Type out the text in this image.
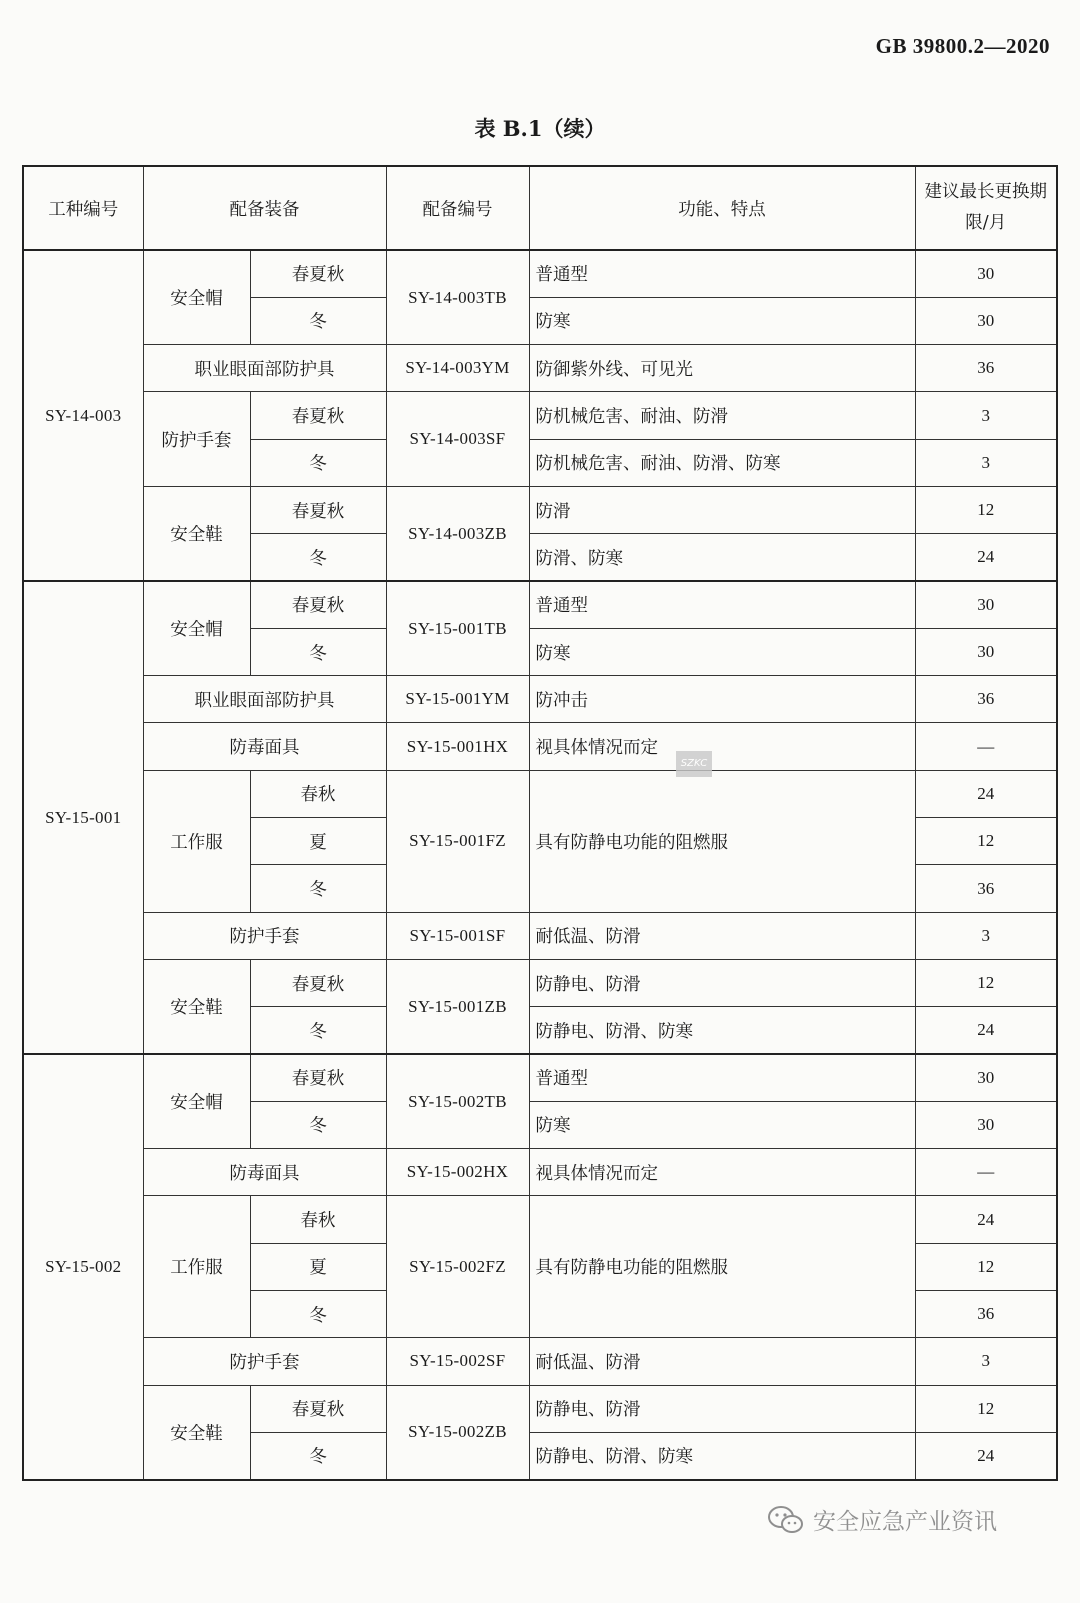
GB 39800.2—2020
表 B.1（续）
工种编号	配备装备		配备编号	功能、特点	建议最长更换期限/月
SY-14-003	安全帽	春夏秋	SY-14-003TB	普通型	30
		冬		防寒	30
	职业眼面部防护具		SY-14-003YM	防御紫外线、可见光	36
	防护手套	春夏秋	SY-14-003SF	防机械危害、耐油、防滑	3
		冬		防机械危害、耐油、防滑、防寒	3
	安全鞋	春夏秋	SY-14-003ZB	防滑	12
		冬		防滑、防寒	24
SY-15-001	安全帽	春夏秋	SY-15-001TB	普通型	30
		冬		防寒	30
	职业眼面部防护具		SY-15-001YM	防冲击	36
	防毒面具		SY-15-001HX	视具体情况而定	—
	工作服	春秋	SY-15-001FZ	具有防静电功能的阻燃服	24
		夏			12
		冬			36
	防护手套		SY-15-001SF	耐低温、防滑	3
	安全鞋	春夏秋	SY-15-001ZB	防静电、防滑	12
		冬		防静电、防滑、防寒	24
SY-15-002	安全帽	春夏秋	SY-15-002TB	普通型	30
		冬		防寒	30
	防毒面具		SY-15-002HX	视具体情况而定	—
	工作服	春秋	SY-15-002FZ	具有防静电功能的阻燃服	24
		夏			12
		冬			36
	防护手套		SY-15-002SF	耐低温、防滑	3
	安全鞋	春夏秋	SY-15-002ZB	防静电、防滑	12
		冬		防静电、防滑、防寒	24
SZKC
安全应急产业资讯
